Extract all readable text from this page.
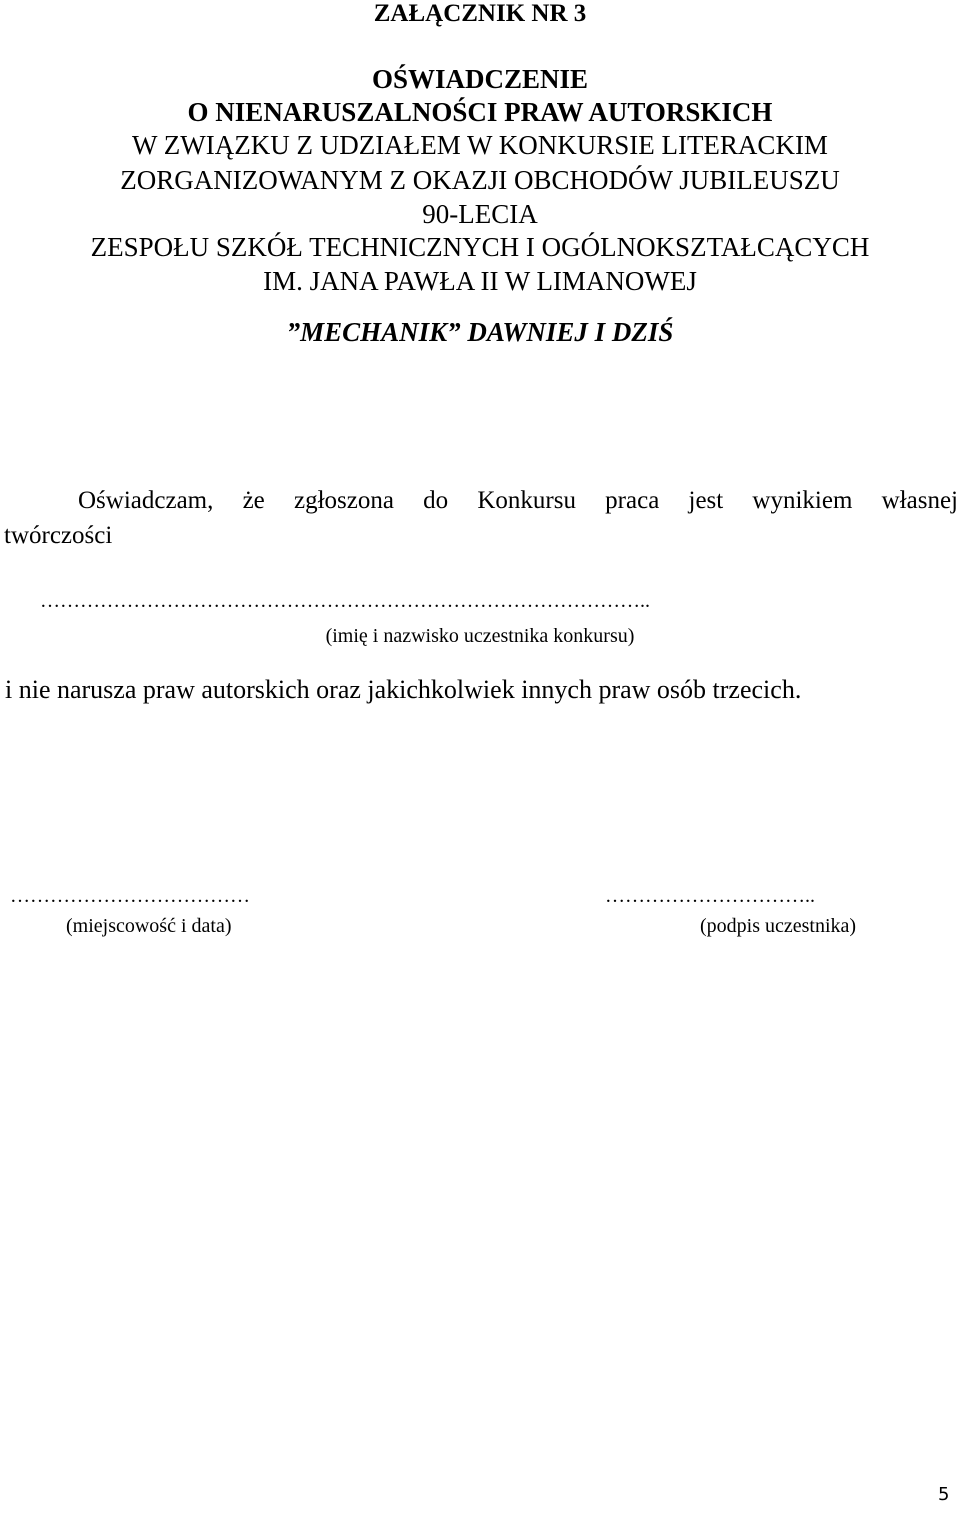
ZAŁĄCZNIK NR 3
OŚWIADCZENIE
O NIENARUSZALNOŚCI PRAW AUTORSKICH
W ZWIĄZKU Z UDZIAŁEM W KONKURSIE LITERACKIM
ZORGANIZOWANYM Z OKAZJI OBCHODÓW JUBILEUSZU
90-LECIA
ZESPOŁU SZKÓŁ TECHNICZNYCH I OGÓLNOKSZTAŁCĄCYCH
IM. JANA PAWŁA II W LIMANOWEJ
”MECHANIK” DAWNIEJ I DZIŚ
Oświadczam, że zgłoszona do Konkursu praca jest wynikiem własnej
twórczości
………………………………………………………………………………..
(imię i nazwisko uczestnika konkursu)
i nie narusza praw autorskich oraz jakichkolwiek innych praw osób trzecich.
………………………………
(miejscowość i data)
…………………………..
(podpis uczestnika)
5
